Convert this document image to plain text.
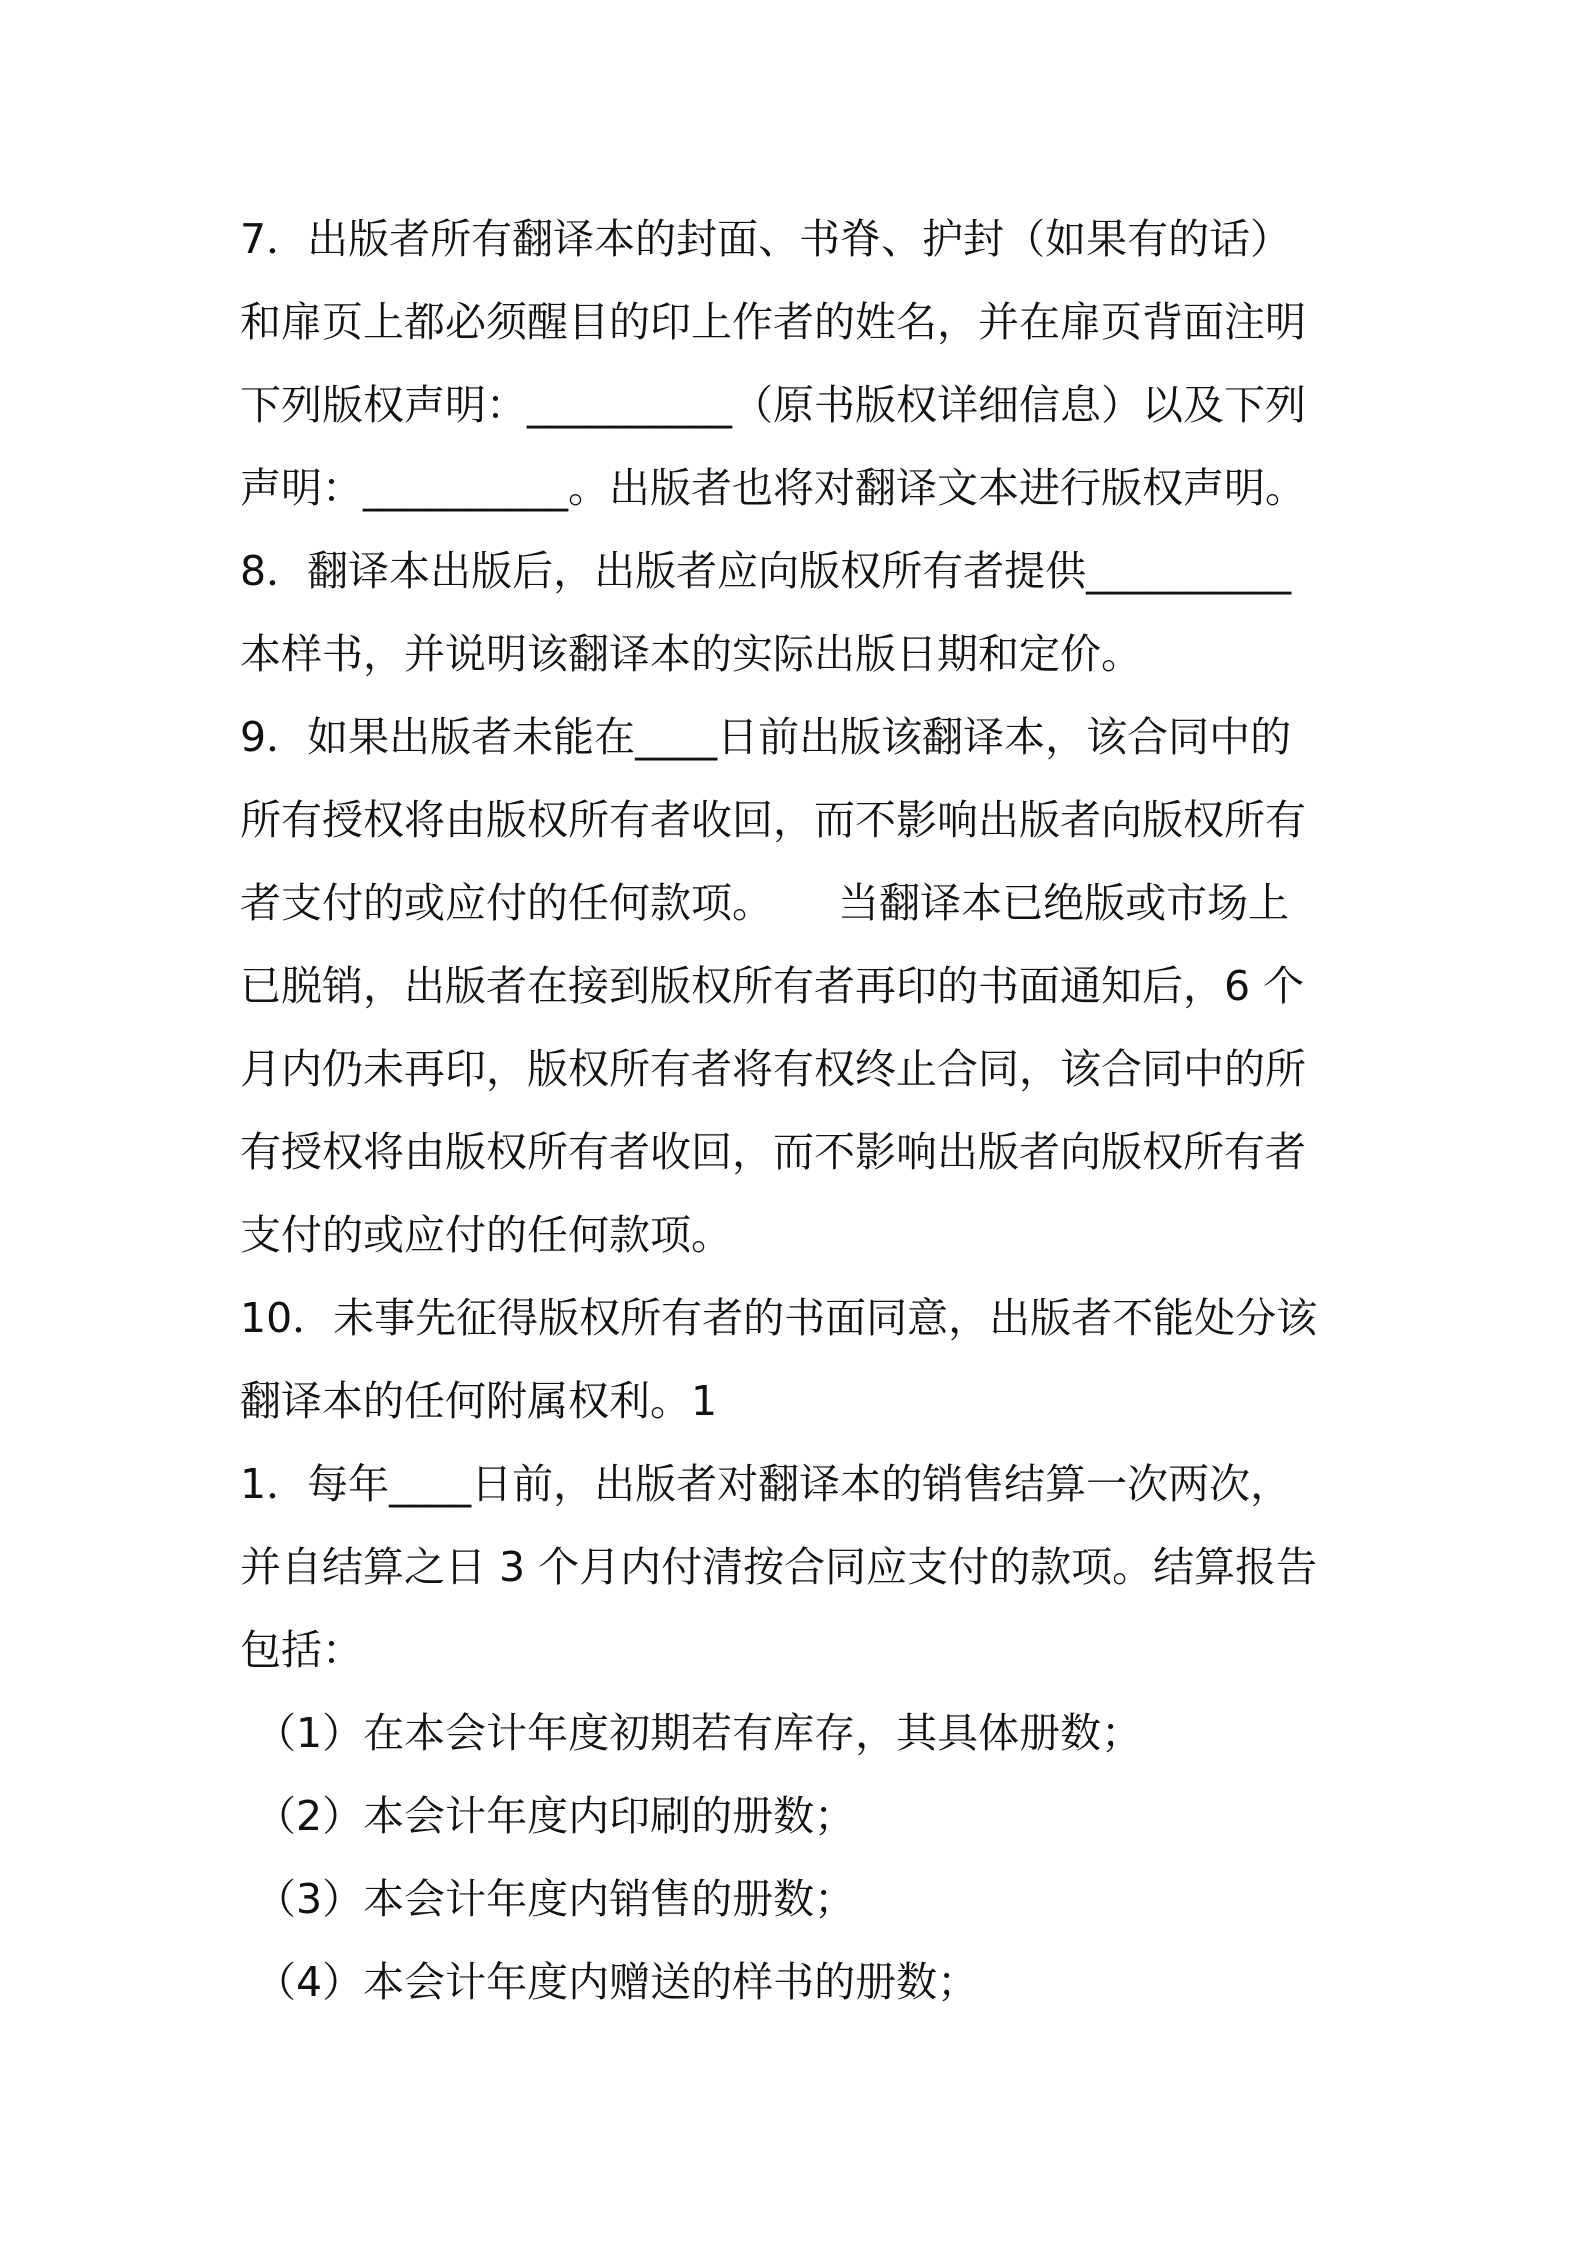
7．出版者所有翻译本的封面、书脊、护封（如果有的话）
和扉页上都必须醒目的印上作者的姓名，并在扉页背面注明
下列版权声明：__________（原书版权详细信息）以及下列
声明：__________。出版者也将对翻译文本进行版权声明。
8．翻译本出版后，出版者应向版权所有者提供__________
本样书，并说明该翻译本的实际出版日期和定价。
9．如果出版者未能在____日前出版该翻译本，该合同中的
所有授权将由版权所有者收回，而不影响出版者向版权所有
者支付的或应付的任何款项。     当翻译本已绝版或市场上
已脱销，出版者在接到版权所有者再印的书面通知后，6 个
月内仍未再印，版权所有者将有权终止合同，该合同中的所
有授权将由版权所有者收回，而不影响出版者向版权所有者
支付的或应付的任何款项。
10．未事先征得版权所有者的书面同意，出版者不能处分该
翻译本的任何附属权利。1
1．每年____日前，出版者对翻译本的销售结算一次两次，
并自结算之日 3 个月内付清按合同应支付的款项。结算报告
包括：
（1）在本会计年度初期若有库存，其具体册数；
（2）本会计年度内印刷的册数；
（3）本会计年度内销售的册数；
（4）本会计年度内赠送的样书的册数；
